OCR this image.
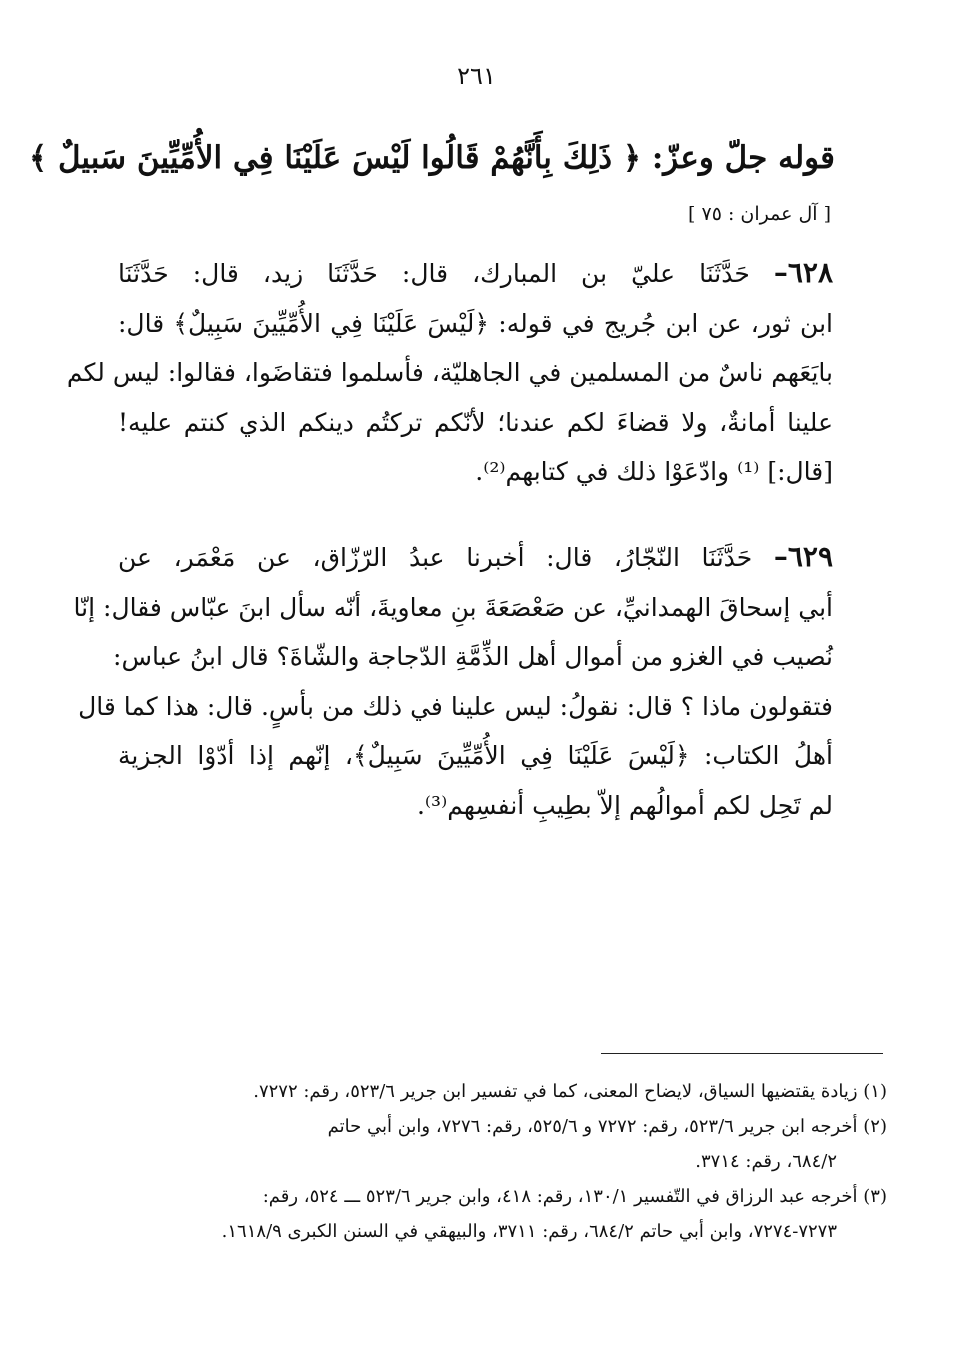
٢٦١
قوله جلّ وعزّ: ﴿ ذَلِكَ بِأَنَّهُمْ قَالُوا لَيْسَ عَلَيْنَا فِي الأُمِّيِّينَ سَبيلٌ ﴾
[ آل عمران : ٧٥ ]
٦٢٨– حَدَّثَنَا عليّ بن المبارك، قال: حَدَّثَنَا زيد، قال: حَدَّثَنَا
ابن ثور، عن ابن جُريج في قوله: ﴿لَيْسَ عَلَيْنَا فِي الأُمِّيِّينَ سَبِيلٌ﴾ قال:
بايَعَهم ناسٌ من المسلمين في الجاهليّة، فأسلموا فتقاضَوا، فقالوا: ليس لكم
علينا أمانةٌ، ولا قضاءَ لكم عندنا؛ لأنّكم تركتُم دينكم الذي كنتم عليه!
[قال:] ⁽¹⁾ وادّعَوْا ذلك في كتابهم⁽²⁾.
٦٢٩– حَدَّثَنَا النّجّارُ، قال: أخبرنا عبدُ الرّزّاق، عن مَعْمَر، عن
أبي إسحاقَ الهمدانيِّ، عن صَعْصَعَةَ بنِ معاويةَ، أنّه سأل ابنَ عبّاس فقال: إنّا
نُصيب في الغزو من أموال أهل الذِّمَّةِ الدّجاجة والشّاةَ؟ قال ابنُ عباس:
فتقولون ماذا ؟ قال: نقولُ: ليس علينا في ذلك من بأسٍ. قال: هذا كما قال
أهلُ الكتاب: ﴿لَيْسَ عَلَيْنَا فِي الأُمِّيِّينَ سَبِيلٌ﴾، إنّهم إذا أدّوْا الجزية
لم تَحِل لكم أموالُهم إلاّ بطِيبِ أنفسِهم⁽³⁾.
(١) زيادة يقتضيها السياق، لايضاح المعنى، كما في تفسير ابن جرير ٥٢٣/٦، رقم: ٧٢٧٢.
(٢) أخرجه ابن جرير ٥٢٣/٦، رقم: ٧٢٧٢ و ٥٢٥/٦، رقم: ٧٢٧٦، وابن أبي حاتم
٦٨٤/٢، رقم: ٣٧١٤.
(٣) أخرجه عبد الرزاق في التّفسير ١٣٠/١، رقم: ٤١٨، وابن جرير ٥٢٣/٦ ـــ ٥٢٤، رقم:
٧٢٧٣-٧٢٧٤، وابن أبي حاتم ٦٨٤/٢، رقم: ٣٧١١، والبيهقي في السنن الكبرى ١٦١٨/٩.
